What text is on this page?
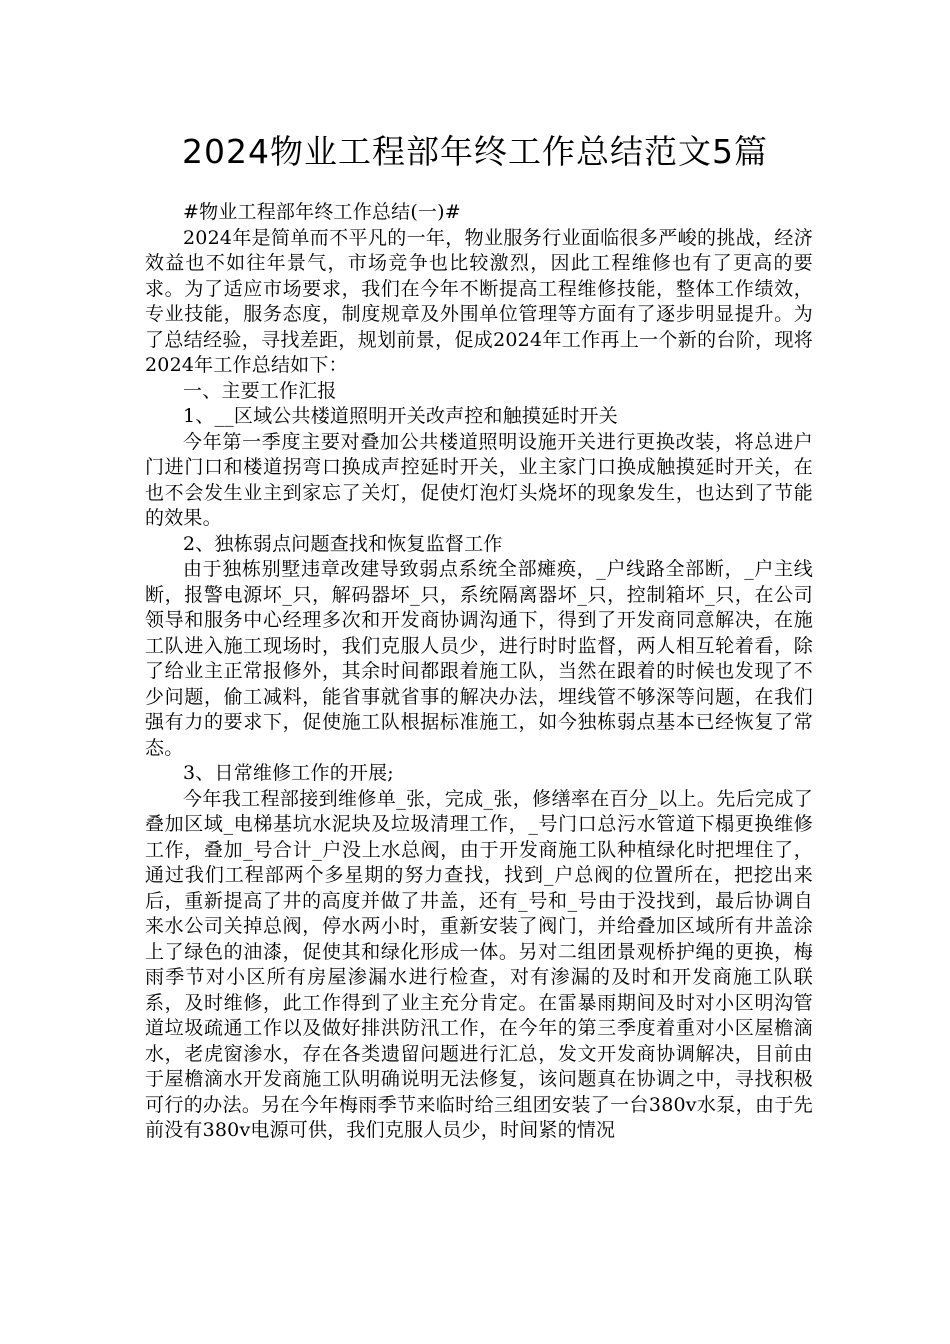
2024物业工程部年终工作总结范文5篇

#物业工程部年终工作总结(一)#

2024年是简单而不平凡的一年，物业服务行业面临很多严峻的挑战，经济效益也不如往年景气，市场竞争也比较激烈，因此工程维修也有了更高的要求。为了适应市场要求，我们在今年不断提高工程维修技能，整体工作绩效，专业技能，服务态度，制度规章及外围单位管理等方面有了逐步明显提升。为了总结经验，寻找差距，规划前景，促成2024年工作再上一个新的台阶，现将2024年工作总结如下：

一、主要工作汇报

1、__区域公共楼道照明开关改声控和触摸延时开关

今年第一季度主要对叠加公共楼道照明设施开关进行更换改装，将总进户门进门口和楼道拐弯口换成声控延时开关，业主家门口换成触摸延时开关，在也不会发生业主到家忘了关灯，促使灯泡灯头烧坏的现象发生，也达到了节能的效果。

2、独栋弱点问题查找和恢复监督工作

由于独栋别墅违章改建导致弱点系统全部瘫痪，_户线路全部断，_户主线断，报警电源坏_只，解码器坏_只，系统隔离器坏_只，控制箱坏_只，在公司领导和服务中心经理多次和开发商协调沟通下，得到了开发商同意解决，在施工队进入施工现场时，我们克服人员少，进行时时监督，两人相互轮着看，除了给业主正常报修外，其余时间都跟着施工队，当然在跟着的时候也发现了不少问题，偷工减料，能省事就省事的解决办法，埋线管不够深等问题，在我们强有力的要求下，促使施工队根据标准施工，如今独栋弱点基本已经恢复了常态。

3、日常维修工作的开展;

今年我工程部接到维修单_张，完成_张，修缮率在百分_以上。先后完成了叠加区域_电梯基坑水泥块及垃圾清理工作，_号门口总污水管道下榻更换维修工作，叠加_号合计_户没上水总阀，由于开发商施工队种植绿化时把埋住了，通过我们工程部两个多星期的努力查找，找到_户总阀的位置所在，把挖出来后，重新提高了井的高度并做了井盖，还有_号和_号由于没找到，最后协调自来水公司关掉总阀，停水两小时，重新安装了阀门，并给叠加区域所有井盖涂上了绿色的油漆，促使其和绿化形成一体。另对二组团景观桥护绳的更换，梅雨季节对小区所有房屋渗漏水进行检查，对有渗漏的及时和开发商施工队联系，及时维修，此工作得到了业主充分肯定。在雷暴雨期间及时对小区明沟管道垃圾疏通工作以及做好排洪防汛工作，在今年的第三季度着重对小区屋檐滴水，老虎窗渗水，存在各类遗留问题进行汇总，发文开发商协调解决，目前由于屋檐滴水开发商施工队明确说明无法修复，该问题真在协调之中，寻找积极可行的办法。另在今年梅雨季节来临时给三组团安装了一台380v水泵，由于先前没有380v电源可供，我们克服人员少，时间紧的情况
